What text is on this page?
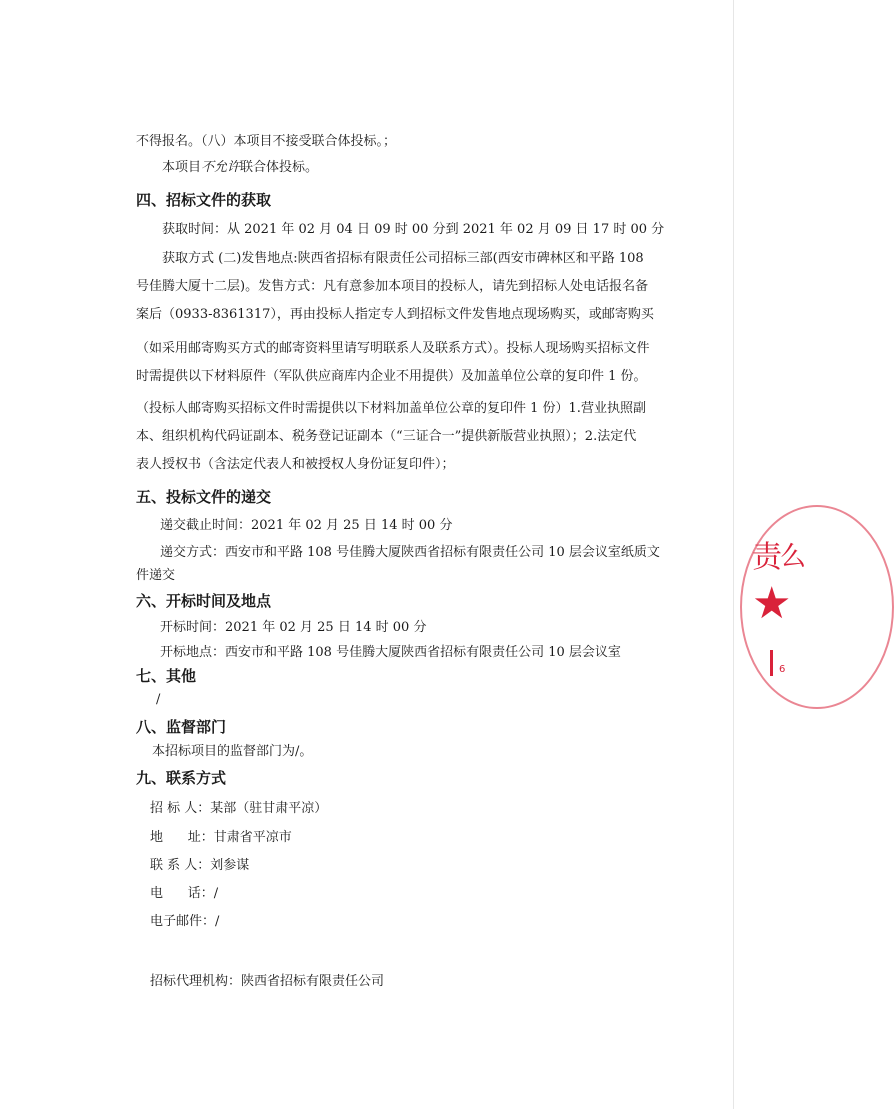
不得报名。（八）本项目不接受联合体投标。；
本项目不允许联合体投标。
四、招标文件的获取
获取时间：从 2021 年 02 月 04 日 09 时 00 分到 2021 年 02 月 09 日 17 时 00 分
获取方式 (二)发售地点:陕西省招标有限责任公司招标三部(西安市碑林区和平路 108
号佳腾大厦十二层)。发售方式：凡有意参加本项目的投标人，请先到招标人处电话报名备
案后（0933-8361317），再由投标人指定专人到招标文件发售地点现场购买，或邮寄购买
（如采用邮寄购买方式的邮寄资料里请写明联系人及联系方式）。投标人现场购买招标文件
时需提供以下材料原件（军队供应商库内企业不用提供）及加盖单位公章的复印件 1 份。
（投标人邮寄购买招标文件时需提供以下材料加盖单位公章的复印件 1 份）1.营业执照副
本、组织机构代码证副本、税务登记证副本（“三证合一”提供新版营业执照）；2.法定代
表人授权书（含法定代表人和被授权人身份证复印件）；
五、投标文件的递交
递交截止时间：2021 年 02 月 25 日 14 时 00 分
递交方式：西安市和平路 108 号佳腾大厦陕西省招标有限责任公司 10 层会议室纸质文
件递交
六、开标时间及地点
开标时间：2021 年 02 月 25 日 14 时 00 分
开标地点：西安市和平路 108 号佳腾大厦陕西省招标有限责任公司 10 层会议室
七、其他
/
八、监督部门
本招标项目的监督部门为/。
九、联系方式
招 标 人：某部（驻甘肃平凉）
地      址：甘肃省平凉市
联 系 人：刘参谋
电      话：/
电子邮件：/
招标代理机构：陕西省招标有限责任公司
责
么
★
6
